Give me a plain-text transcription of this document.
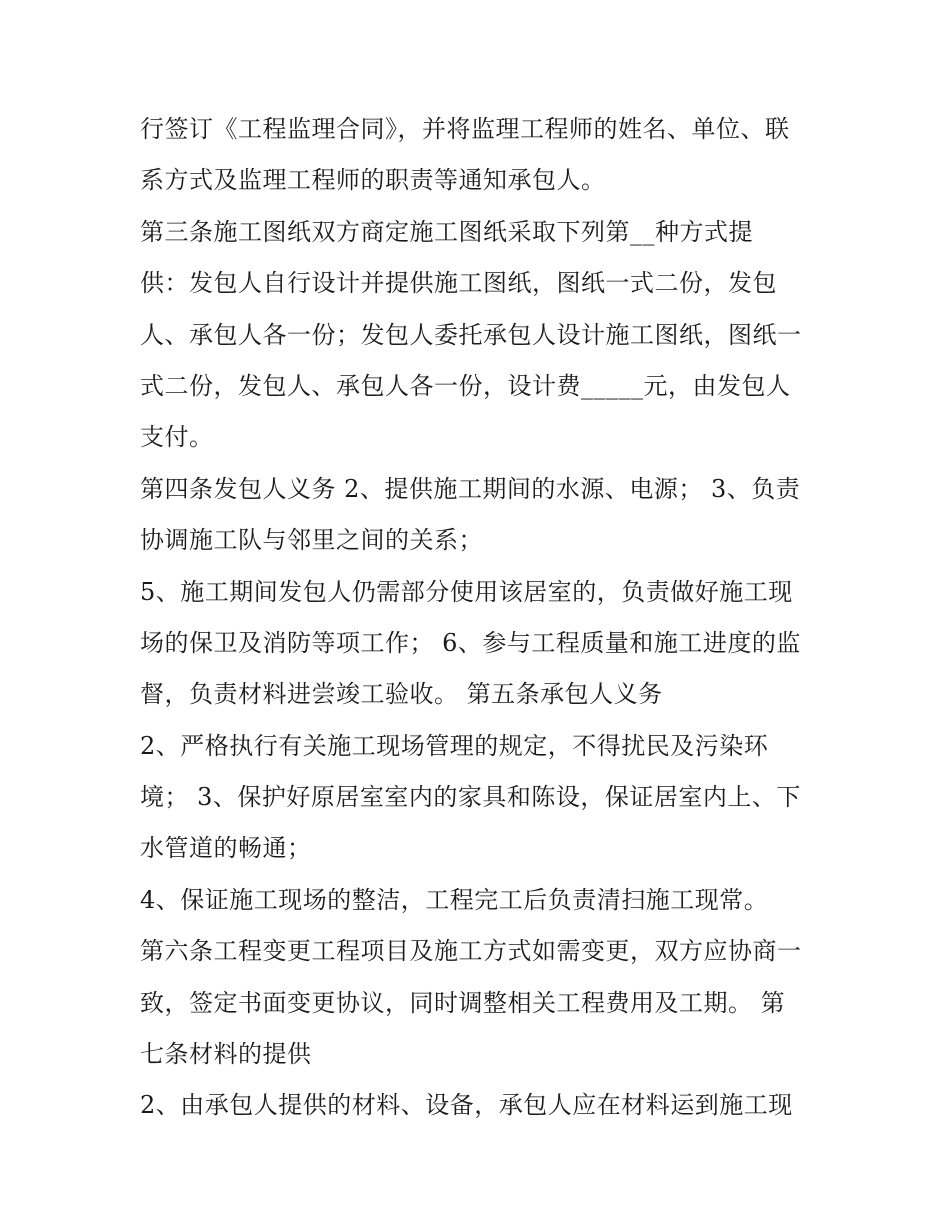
行签订《工程监理合同》，并将监理工程师的姓名、单位、联
系方式及监理工程师的职责等通知承包人。
第三条施工图纸双方商定施工图纸采取下列第__种方式提
供：发包人自行设计并提供施工图纸，图纸一式二份，发包
人、承包人各一份；发包人委托承包人设计施工图纸，图纸一
式二份，发包人、承包人各一份，设计费_____元，由发包人
支付。
第四条发包人义务 2、提供施工期间的水源、电源； 3、负责
协调施工队与邻里之间的关系；
5、施工期间发包人仍需部分使用该居室的，负责做好施工现
场的保卫及消防等项工作； 6、参与工程质量和施工进度的监
督，负责材料进尝竣工验收。 第五条承包人义务
2、严格执行有关施工现场管理的规定，不得扰民及污染环
境； 3、保护好原居室室内的家具和陈设，保证居室内上、下
水管道的畅通；
4、保证施工现场的整洁，工程完工后负责清扫施工现常。
第六条工程变更工程项目及施工方式如需变更，双方应协商一
致，签定书面变更协议，同时调整相关工程费用及工期。 第
七条材料的提供
2、由承包人提供的材料、设备，承包人应在材料运到施工现
